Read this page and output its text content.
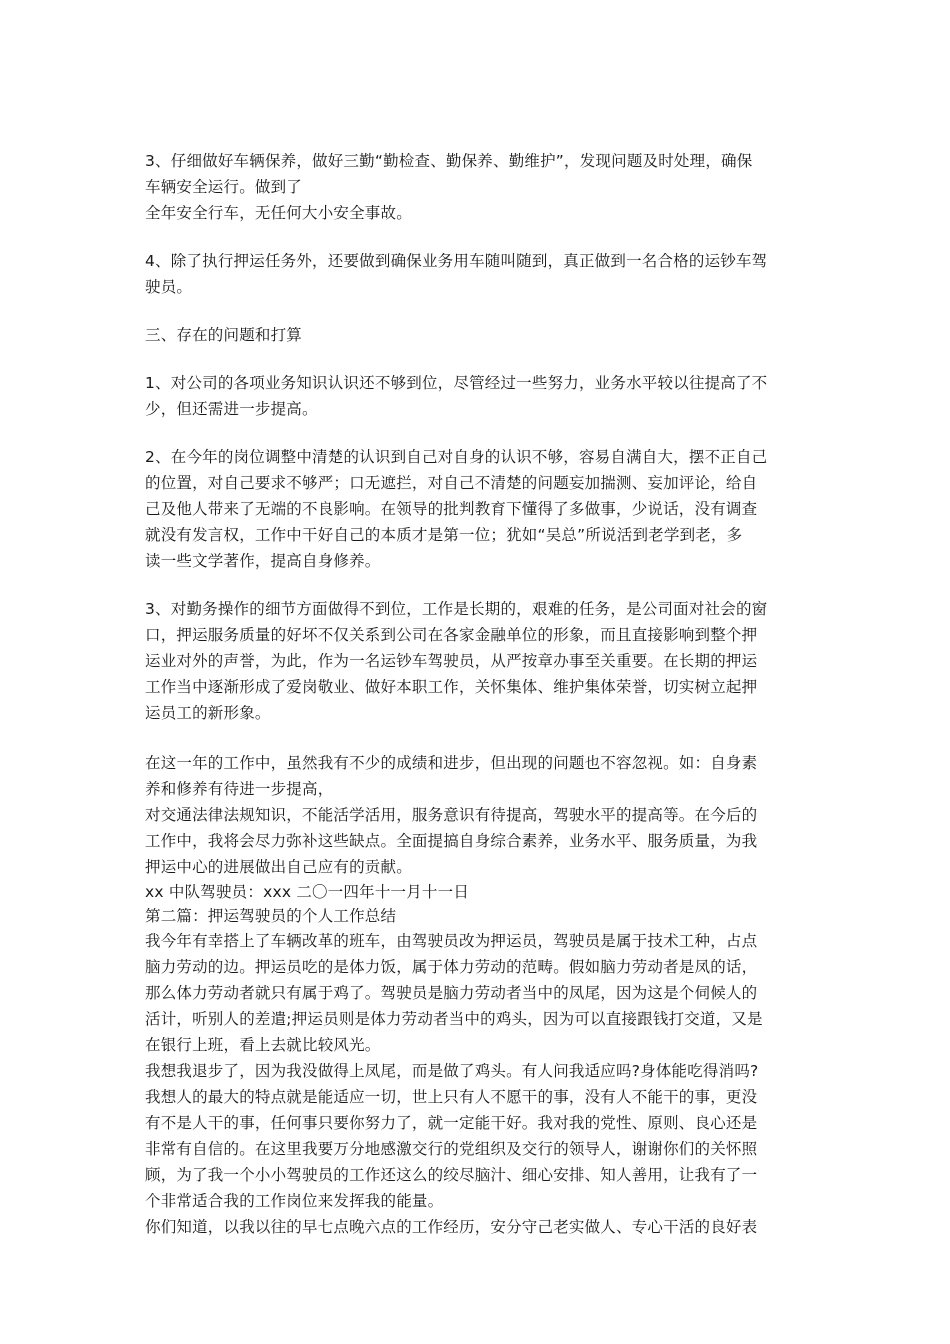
3、仔细做好车辆保养，做好三勤“勤检查、勤保养、勤维护”，发现问题及时处理，确保
车辆安全运行。做到了
全年安全行车，无任何大小安全事故。
4、除了执行押运任务外，还要做到确保业务用车随叫随到，真正做到一名合格的运钞车驾
驶员。
三、存在的问题和打算
1、对公司的各项业务知识认识还不够到位，尽管经过一些努力，业务水平较以往提高了不
少，但还需进一步提高。
2、在今年的岗位调整中清楚的认识到自己对自身的认识不够，容易自满自大，摆不正自己
的位置，对自己要求不够严；口无遮拦，对自己不清楚的问题妄加揣测、妄加评论，给自
己及他人带来了无端的不良影响。在领导的批判教育下懂得了多做事，少说话，没有调查
就没有发言权，工作中干好自己的本质才是第一位；犹如“吴总”所说活到老学到老，多
读一些文学著作，提高自身修养。
3、对勤务操作的细节方面做得不到位，工作是长期的，艰难的任务，是公司面对社会的窗
口，押运服务质量的好坏不仅关系到公司在各家金融单位的形象，而且直接影响到整个押
运业对外的声誉，为此，作为一名运钞车驾驶员，从严按章办事至关重要。在长期的押运
工作当中逐渐形成了爱岗敬业、做好本职工作，关怀集体、维护集体荣誉，切实树立起押
运员工的新形象。
在这一年的工作中，虽然我有不少的成绩和进步，但出现的问题也不容忽视。如：自身素
养和修养有待进一步提高，
对交通法律法规知识，不能活学活用，服务意识有待提高，驾驶水平的提高等。在今后的
工作中，我将会尽力弥补这些缺点。全面提搞自身综合素养，业务水平、服务质量，为我
押运中心的进展做出自己应有的贡献。
xx 中队驾驶员：xxx 二〇一四年十一月十一日
第二篇：押运驾驶员的个人工作总结
我今年有幸搭上了车辆改革的班车，由驾驶员改为押运员，驾驶员是属于技术工种，占点
脑力劳动的边。押运员吃的是体力饭，属于体力劳动的范畴。假如脑力劳动者是凤的话，
那么体力劳动者就只有属于鸡了。驾驶员是脑力劳动者当中的凤尾，因为这是个伺候人的
活计，听别人的差遣;押运员则是体力劳动者当中的鸡头，因为可以直接跟钱打交道，又是
在银行上班，看上去就比较风光。
我想我退步了，因为我没做得上凤尾，而是做了鸡头。有人问我适应吗?身体能吃得消吗?
我想人的最大的特点就是能适应一切，世上只有人不愿干的事，没有人不能干的事，更没
有不是人干的事，任何事只要你努力了，就一定能干好。我对我的党性、原则、良心还是
非常有自信的。在这里我要万分地感激交行的党组织及交行的领导人，谢谢你们的关怀照
顾，为了我一个小小驾驶员的工作还这么的绞尽脑汁、细心安排、知人善用，让我有了一
个非常适合我的工作岗位来发挥我的能量。
你们知道，以我以往的早七点晚六点的工作经历，安分守己老实做人、专心干活的良好表
